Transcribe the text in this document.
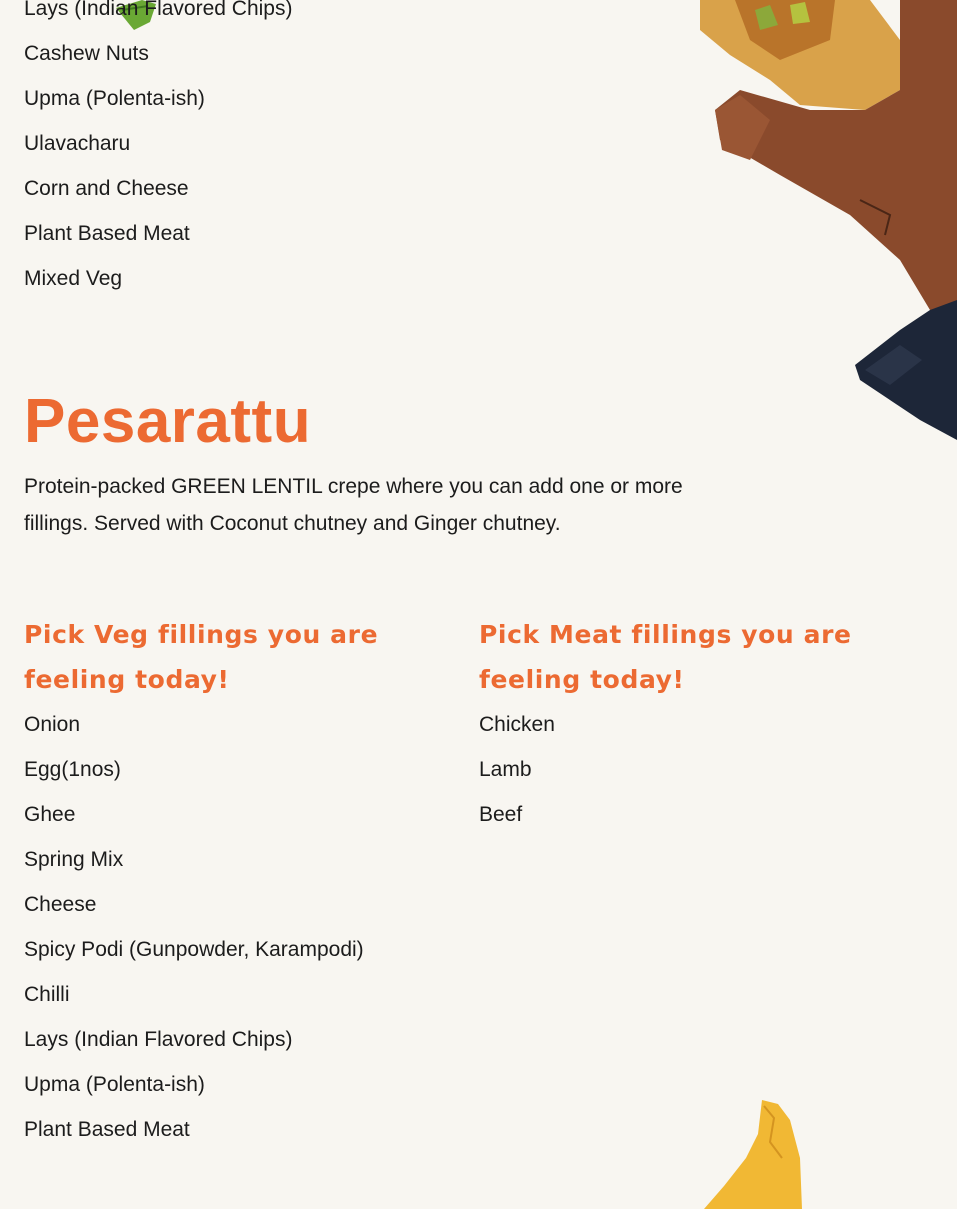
Lays (Indian Flavored Chips)
Cashew Nuts
Upma (Polenta-ish)
Ulavacharu
Corn and Cheese
Plant Based Meat
Mixed Veg
Pesarattu

Protein-packed GREEN LENTIL crepe where you can add one or more fillings. Served with Coconut chutney and Ginger chutney.

Pick Veg fillings you are feeling today!
Onion
Egg(1nos)
Ghee
Spring Mix
Cheese
Spicy Podi (Gunpowder, Karampodi)
Chilli
Lays (Indian Flavored Chips)
Upma (Polenta-ish)
Plant Based Meat
Pick Meat fillings you are feeling today!
Chicken
Lamb
Beef
